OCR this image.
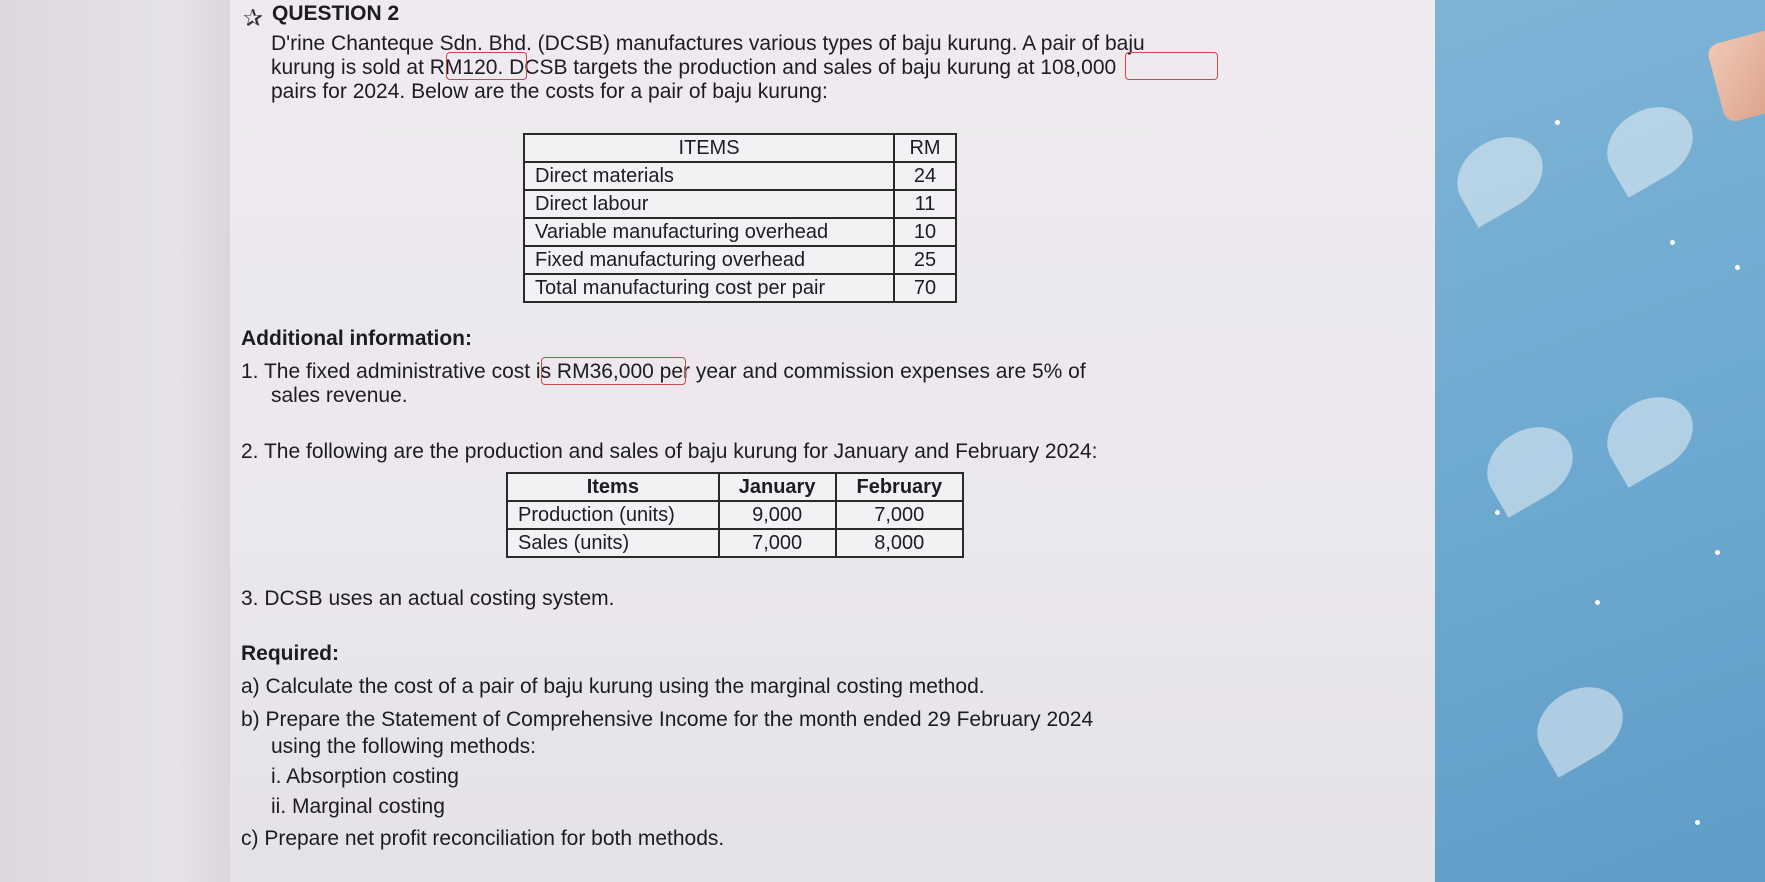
✰ QUESTION 2
D'rine Chanteque Sdn. Bhd. (DCSB) manufactures various types of baju kurung. A pair of baju
kurung is sold at RM120. DCSB targets the production and sales of baju kurung at 108,000
pairs for 2024. Below are the costs for a pair of baju kurung:
ITEMS	RM
Direct materials	24
Direct labour	11
Variable manufacturing overhead	10
Fixed manufacturing overhead	25
Total manufacturing cost per pair	70
Additional information:
1. The fixed administrative cost is RM36,000 per year and commission expenses are 5% of
sales revenue.
2. The following are the production and sales of baju kurung for January and February 2024:
Items	January	February
Production (units)	9,000	7,000
Sales (units)	7,000	8,000
3. DCSB uses an actual costing system.
Required:
a) Calculate the cost of a pair of baju kurung using the marginal costing method.
b) Prepare the Statement of Comprehensive Income for the month ended 29 February 2024
using the following methods:
i. Absorption costing
ii. Marginal costing
c) Prepare net profit reconciliation for both methods.
